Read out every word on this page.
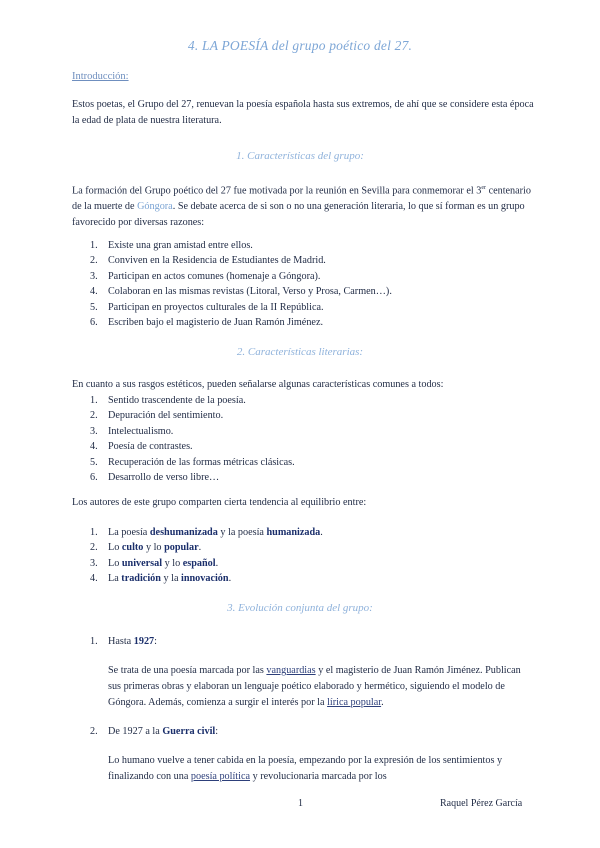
4. LA POESÍA del grupo poético del 27.
Introducción:
Estos poetas, el Grupo del 27, renuevan la poesía española hasta sus extremos, de ahí que se considere esta época la edad de plata de nuestra literatura.
1. Características del grupo:
La formación del Grupo poético del 27 fue motivada por la reunión en Sevilla para conmemorar el 3er centenario de la muerte de Góngora. Se debate acerca de si son o no una generación literaria, lo que sí forman es un grupo favorecido por diversas razones:
1. Existe una gran amistad entre ellos.
2. Conviven en la Residencia de Estudiantes de Madrid.
3. Participan en actos comunes (homenaje a Góngora).
4. Colaboran en las mismas revistas (Litoral, Verso y Prosa, Carmen…).
5. Participan en proyectos culturales de la II República.
6. Escriben bajo el magisterio de Juan Ramón Jiménez.
2. Características literarias:
En cuanto a sus rasgos estéticos, pueden señalarse algunas características comunes a todos:
1. Sentido trascendente de la poesía.
2. Depuración del sentimiento.
3. Intelectualismo.
4. Poesía de contrastes.
5. Recuperación de las formas métricas clásicas.
6. Desarrollo de verso libre…
Los autores de este grupo comparten cierta tendencia al equilibrio entre:
1. La poesía deshumanizada y la poesía humanizada.
2. Lo culto y lo popular.
3. Lo universal y lo español.
4. La tradición y la innovación.
3. Evolución conjunta del grupo:
1. Hasta 1927:
Se trata de una poesía marcada por las vanguardias y el magisterio de Juan Ramón Jiménez. Publican sus primeras obras y elaboran un lenguaje poético elaborado y hermético, siguiendo el modelo de Góngora. Además, comienza a surgir el interés por la lírica popular.
2. De 1927 a la Guerra civil:
Lo humano vuelve a tener cabida en la poesía, empezando por la expresión de los sentimientos y finalizando con una poesía política y revolucionaria marcada por los
1	Raquel Pérez García
